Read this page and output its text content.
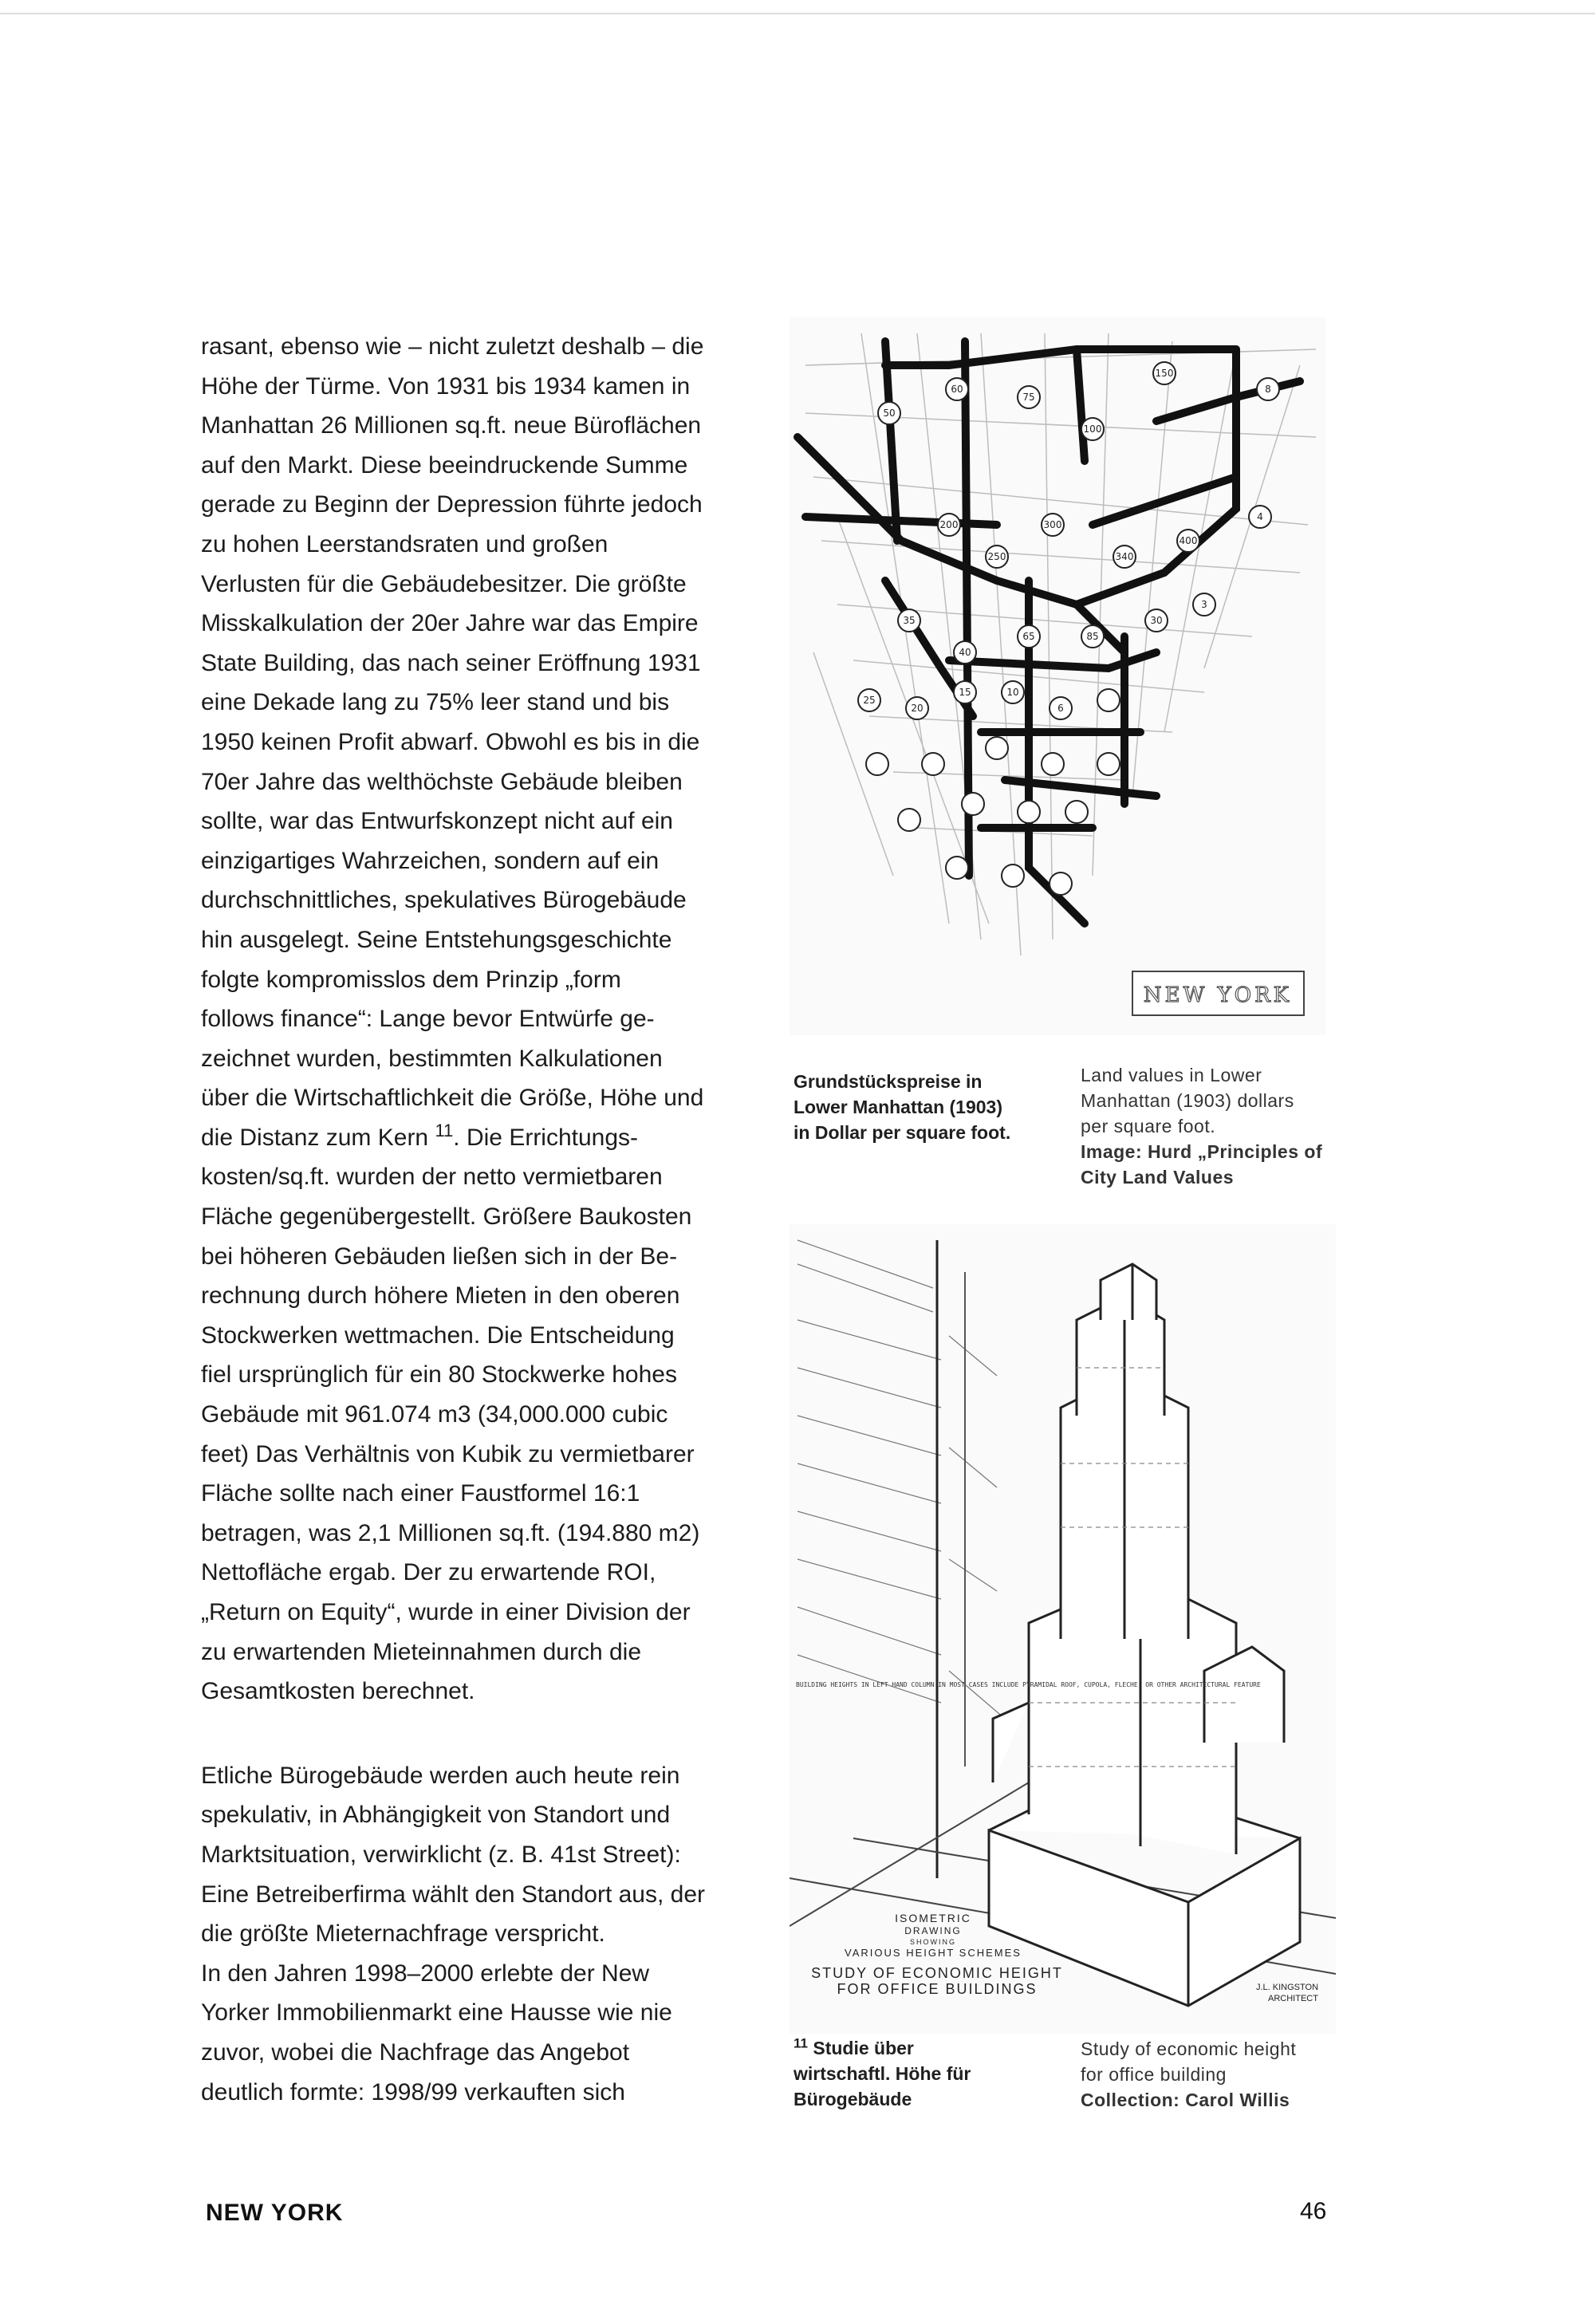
rasant, ebenso wie – nicht zuletzt deshalb – die

Höhe der Türme. Von 1931 bis 1934 kamen in

Manhattan 26 Millionen sq.ft. neue Büroflächen

auf den Markt. Diese beeindruckende Summe

gerade zu Beginn der Depression führte jedoch

zu hohen Leerstandsraten und großen

Verlusten für die Gebäudebesitzer. Die größte

Misskalkulation der 20er Jahre war das Empire

State Building, das nach seiner Eröffnung 1931

eine Dekade lang zu 75% leer stand und bis

1950 keinen Profit abwarf. Obwohl es bis in die

70er Jahre das welthöchste Gebäude bleiben

sollte, war das Entwurfskonzept nicht auf ein

einzigartiges Wahrzeichen, sondern auf ein

durchschnittliches, spekulatives Bürogebäude

hin ausgelegt. Seine Entstehungsgeschichte

folgte kompromisslos dem Prinzip „form

follows finance“: Lange bevor Entwürfe ge-

zeichnet wurden, bestimmten Kalkulationen

über die Wirtschaftlichkeit die Größe, Höhe und

die Distanz zum Kern $^{11}$. Die Errichtungs-

kosten/sq.ft. wurden der netto vermietbaren

Fläche gegenübergestellt. Größere Baukosten

bei höheren Gebäuden ließen sich in der Be-

rechnung durch höhere Mieten in den oberen

Stockwerken wettmachen. Die Entscheidung

fiel ursprünglich für ein 80 Stockwerke hohes

Gebäude mit 961.074 m3 (34,000.000 cubic

feet) Das Verhältnis von Kubik zu vermietbarer

Fläche sollte nach einer Faustformel 16:1

betragen, was 2,1 Millionen sq.ft. (194.880 m2)

Nettofläche ergab. Der zu erwartende ROI,

„Return on Equity“, wurde in einer Division der

zu erwartenden Mieteinnahmen durch die

Gesamtkosten berechnet.

Etliche Bürogebäude werden auch heute rein

spekulativ, in Abhängigkeit von Standort und

Marktsituation, verwirklicht (z. B. 41st Street):

Eine Betreiberfirma wählt den Standort aus, der

die größte Mieternachfrage verspricht.

In den Jahren 1998–2000 erlebte der New

Yorker Immobilienmarkt eine Hausse wie nie

zuvor, wobei die Nachfrage das Angebot

deutlich formte: 1998/99 verkauften sich

50
60
75
100
150
8
200
250
300
340
400
4
35
40
65	85
30
3
25
20
15	10
6
NEW YORK
Grundstückspreise in
Lower Manhattan (1903)
in Dollar per square foot.
Land values in Lower
Manhattan (1903) dollars
per square foot.
Image: Hurd „Principles of
City Land Values
BUILDING HEIGHTS IN LEFT HAND COLUMN IN MOST CASES INCLUDE PYRAMIDAL ROOF, CUPOLA, FLECHE, OR OTHER ARCHITECTURAL FEATURE
ISOMETRIC
DRAWING
SHOWING
VARIOUS HEIGHT SCHEMES
STUDY OF ECONOMIC HEIGHT
FOR OFFICE BUILDINGS	J.L. KINGSTON
ARCHITECT
$^{11}$ Studie über
wirtschaftl. Höhe für
Bürogebäude
Study of economic height
for office building
Collection: Carol Willis
NEW YORK	46
